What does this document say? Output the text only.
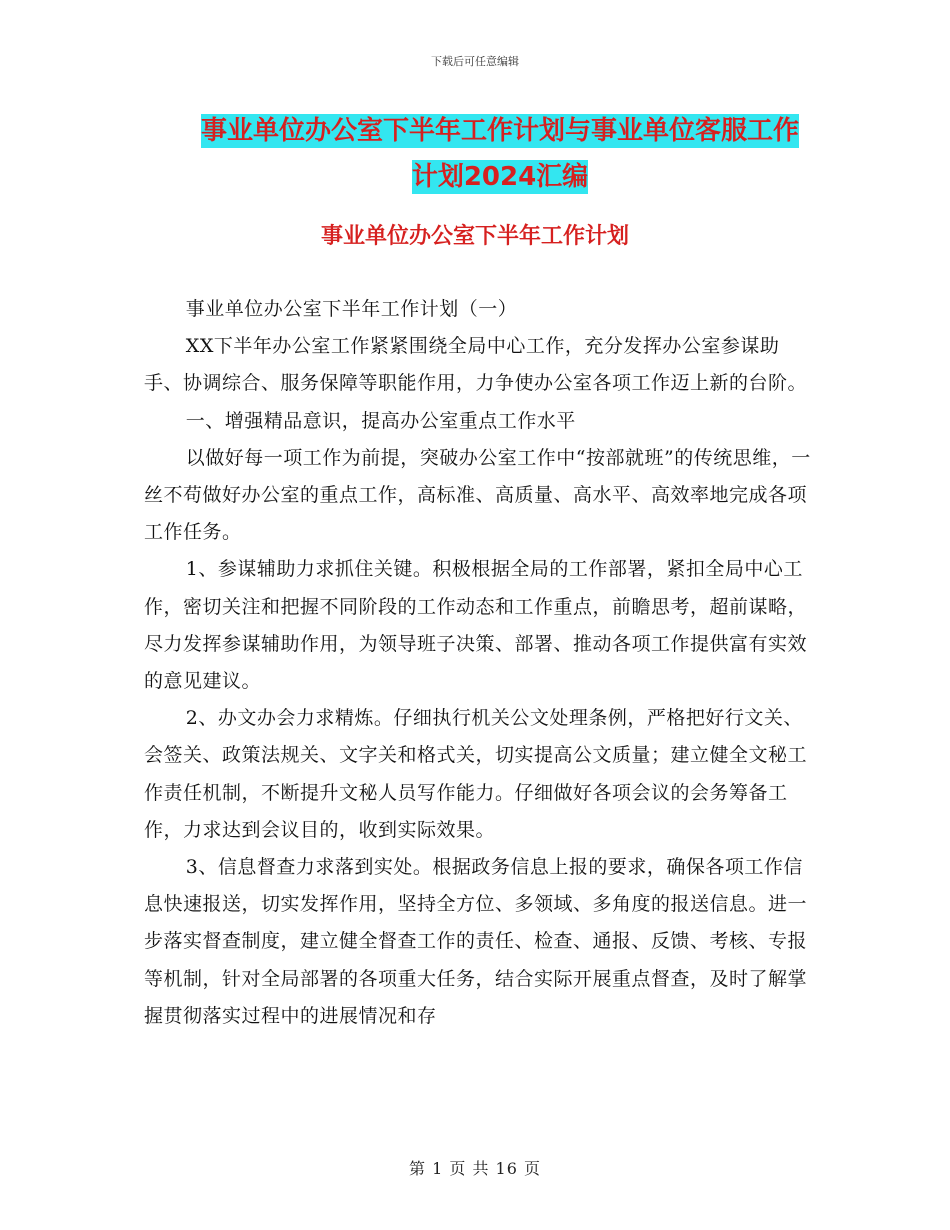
下载后可任意编辑
事业单位办公室下半年工作计划与事业单位客服工作
计划2024汇编
事业单位办公室下半年工作计划

事业单位办公室下半年工作计划（一）

XX下半年办公室工作紧紧围绕全局中心工作，充分发挥办公室参谋助手、协调综合、服务保障等职能作用，力争使办公室各项工作迈上新的台阶。

一、增强精品意识，提高办公室重点工作水平

以做好每一项工作为前提，突破办公室工作中“按部就班”的传统思维，一丝不苟做好办公室的重点工作，高标准、高质量、高水平、高效率地完成各项工作任务。

1、参谋辅助力求抓住关键。积极根据全局的工作部署，紧扣全局中心工作，密切关注和把握不同阶段的工作动态和工作重点，前瞻思考，超前谋略，尽力发挥参谋辅助作用，为领导班子决策、部署、推动各项工作提供富有实效的意见建议。

2、办文办会力求精炼。仔细执行机关公文处理条例，严格把好行文关、会签关、政策法规关、文字关和格式关，切实提高公文质量；建立健全文秘工作责任机制，不断提升文秘人员写作能力。仔细做好各项会议的会务筹备工作，力求达到会议目的，收到实际效果。

3、信息督查力求落到实处。根据政务信息上报的要求，确保各项工作信息快速报送，切实发挥作用，坚持全方位、多领域、多角度的报送信息。进一步落实督查制度，建立健全督查工作的责任、检查、通报、反馈、考核、专报等机制，针对全局部署的各项重大任务，结合实际开展重点督查，及时了解掌握贯彻落实过程中的进展情况和存

第 1 页 共 16 页
